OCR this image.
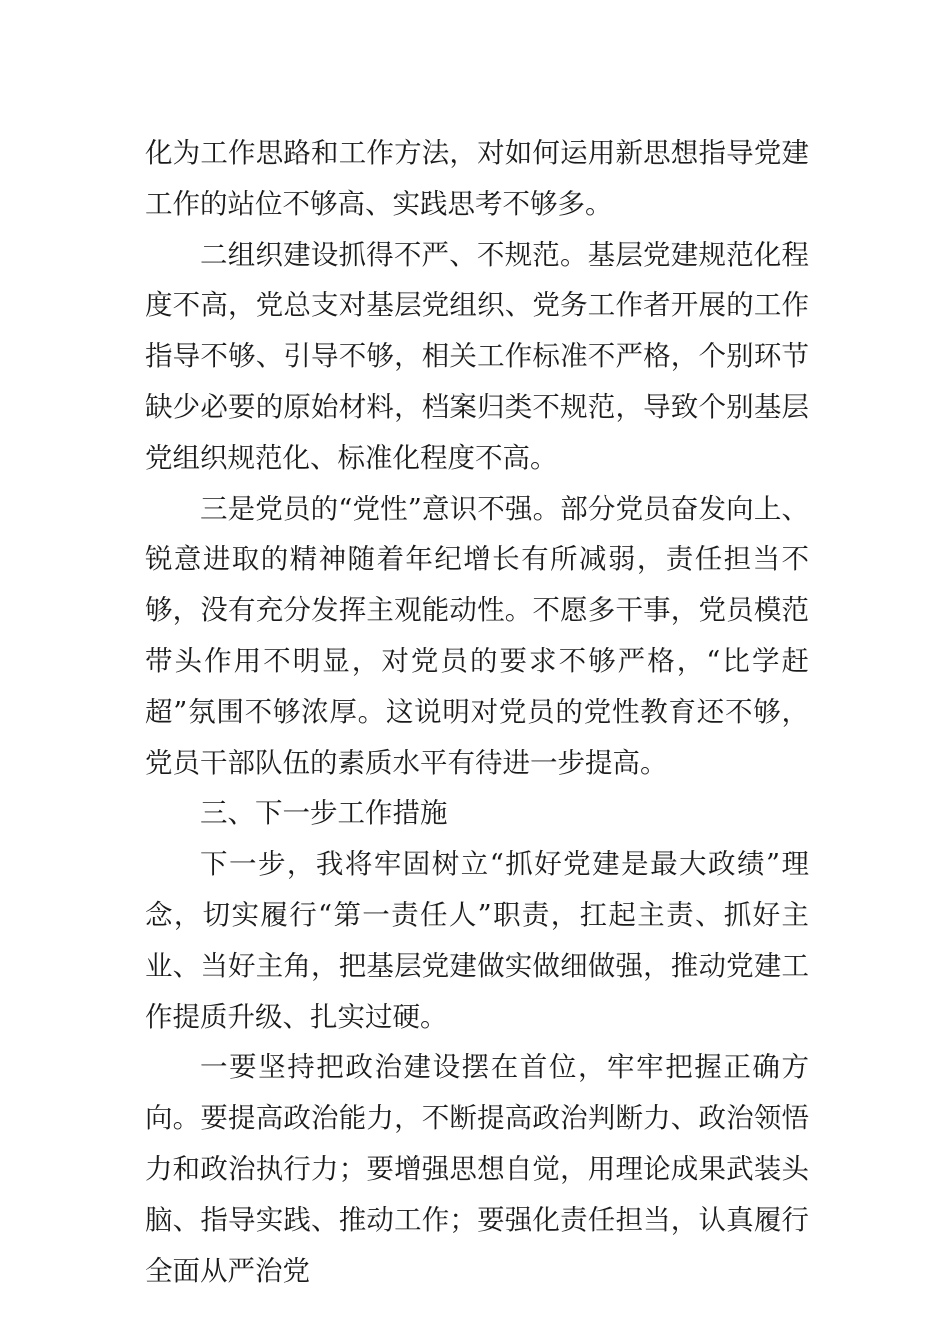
化为工作思路和工作方法，对如何运用新思想指导党建工作的站位不够高、实践思考不够多。

二组织建设抓得不严、不规范。基层党建规范化程度不高，党总支对基层党组织、党务工作者开展的工作指导不够、引导不够，相关工作标准不严格，个别环节缺少必要的原始材料，档案归类不规范，导致个别基层党组织规范化、标准化程度不高。

三是党员的“党性”意识不强。部分党员奋发向上、锐意进取的精神随着年纪增长有所减弱，责任担当不够，没有充分发挥主观能动性。不愿多干事，党员模范带头作用不明显，对党员的要求不够严格，“比学赶超”氛围不够浓厚。这说明对党员的党性教育还不够，党员干部队伍的素质水平有待进一步提高。

三、下一步工作措施

下一步，我将牢固树立“抓好党建是最大政绩”理念，切实履行“第一责任人”职责，扛起主责、抓好主业、当好主角，把基层党建做实做细做强，推动党建工作提质升级、扎实过硬。

一要坚持把政治建设摆在首位，牢牢把握正确方向。要提高政治能力，不断提高政治判断力、政治领悟力和政治执行力；要增强思想自觉，用理论成果武装头脑、指导实践、推动工作；要强化责任担当，认真履行全面从严治党
